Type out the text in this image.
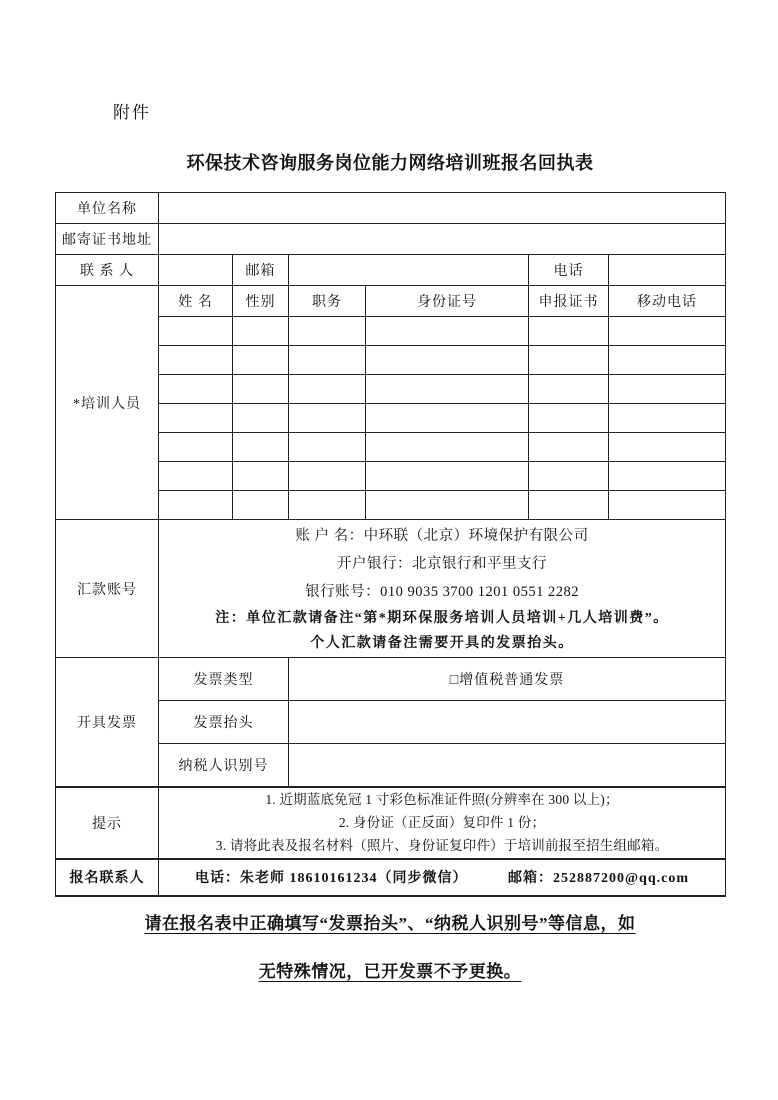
附件
环保技术咨询服务岗位能力网络培训班报名回执表
单位名称						
邮寄证书地址						
联 系 人		邮箱			电话	
*培训人员	姓 名	性别	职务	身份证号	申报证书	移动电话

汇款账号	账 户 名：中环联（北京）环境保护有限公司
开户银行：北京银行和平里支行
银行账号：010 9035 3700 1201 0551 2282
注：单位汇款请备注“第*期环保服务培训人员培训+几人培训费”。
个人汇款请备注需要开具的发票抬头。					

开具发票	发票类型		□增值税普通发票			
	发票抬头					
	纳税人识别号					
提示	1. 近期蓝底免冠 1 寸彩色标准证件照(分辨率在 300 以上)；
2. 身份证（正反面）复印件 1 份；
3. 请将此表及报名材料（照片、身份证复印件）于培训前报至招生组邮箱。					

报名联系人	电话：朱老师 18610161234（同步微信） 邮箱：252887200@qq.com					
请在报名表中正确填写“发票抬头”、“纳税人识别号”等信息，如
无特殊情况，已开发票不予更换。
